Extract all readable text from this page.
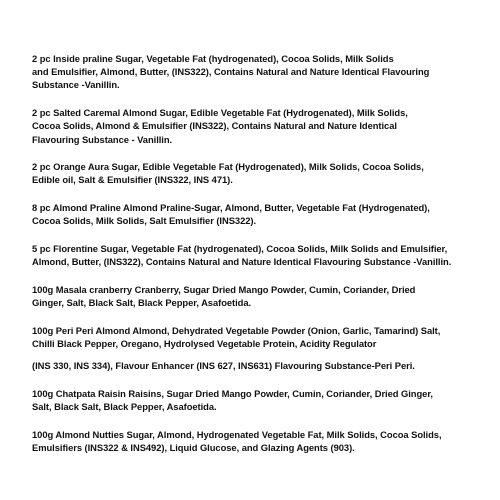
2 pc Inside praline Sugar, Vegetable Fat (hydrogenated), Cocoa Solids, Milk Solids
and Emulsifier, Almond, Butter, (INS322), Contains Natural and Nature Identical Flavouring
Substance -Vanillin.
2 pc Salted Caremal Almond Sugar, Edible Vegetable Fat (Hydrogenated), Milk Solids,
Cocoa Solids, Almond & Emulsifier (INS322), Contains Natural and Nature Identical
Flavouring Substance - Vanillin.
2 pc Orange Aura Sugar, Edible Vegetable Fat (Hydrogenated), Milk Solids, Cocoa Solids,
Edible oil, Salt & Emulsifier (INS322, INS 471).
8 pc Almond Praline Almond Praline-Sugar, Almond, Butter, Vegetable Fat (Hydrogenated),
Cocoa Solids, Milk Solids, Salt Emulsifier (INS322).
5 pc Florentine Sugar, Vegetable Fat (hydrogenated), Cocoa Solids, Milk Solids and Emulsifier,
Almond, Butter, (INS322), Contains Natural and Nature Identical Flavouring Substance -Vanillin.
100g Masala cranberry Cranberry, Sugar Dried Mango Powder, Cumin, Coriander, Dried
Ginger, Salt, Black Salt, Black Pepper, Asafoetida.
100g Peri Peri Almond Almond, Dehydrated Vegetable Powder (Onion, Garlic, Tamarind) Salt,
Chilli Black Pepper, Oregano, Hydrolysed Vegetable Protein, Acidity Regulator
(INS 330, INS 334), Flavour Enhancer (INS 627, INS631) Flavouring Substance-Peri Peri.
100g Chatpata Raisin Raisins, Sugar Dried Mango Powder, Cumin, Coriander, Dried Ginger,
Salt, Black Salt, Black Pepper, Asafoetida.
100g Almond Nutties Sugar, Almond, Hydrogenated Vegetable Fat, Milk Solids, Cocoa Solids,
Emulsifiers (INS322 & INS492), Liquid Glucose, and Glazing Agents (903).
